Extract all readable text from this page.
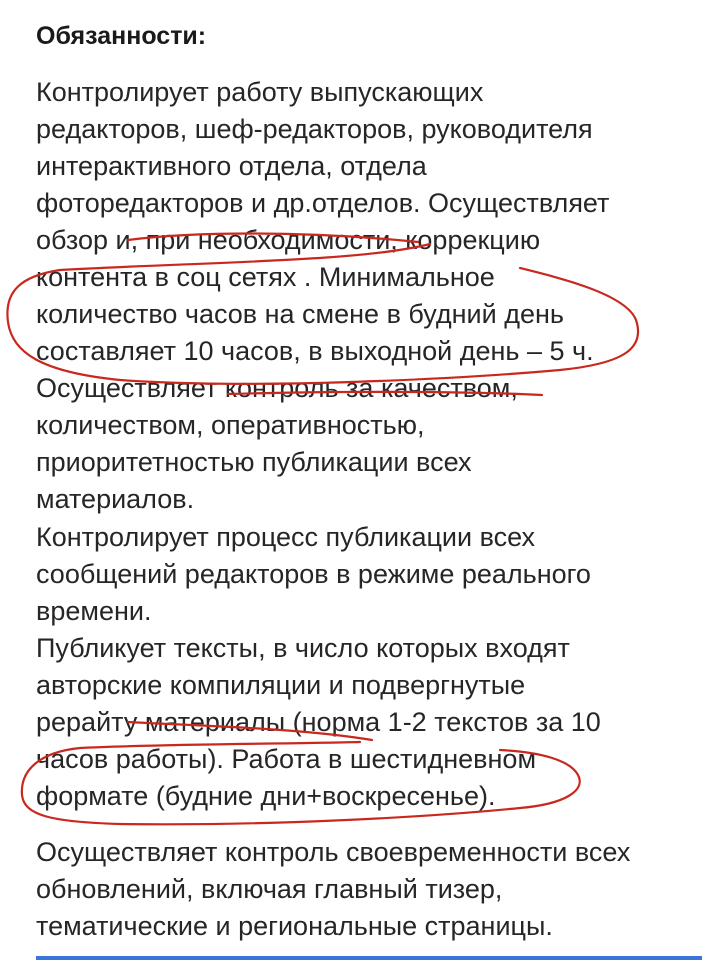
Обязанности:
Контролирует работу выпускающих
редакторов, шеф-редакторов, руководителя
интерактивного отдела, отдела
фоторедакторов и др.отделов. Осуществляет
обзор и, при необходимости, коррекцию
контента в соц сетях . Минимальное
количество часов на смене в будний день
составляет 10 часов, в выходной день – 5 ч.
Осуществляет контроль за качеством,
количеством, оперативностью,
приоритетностью публикации всех
материалов.
Контролирует процесс публикации всех
сообщений редакторов в режиме реального
времени.
Публикует тексты, в число которых входят
авторские компиляции и подвергнутые
рерайту материалы (норма 1-2 текстов за 10
часов работы). Работа в шестидневном
формате (будние дни+воскресенье).
Осуществляет контроль своевременности всех
обновлений, включая главный тизер,
тематические и региональные страницы.
